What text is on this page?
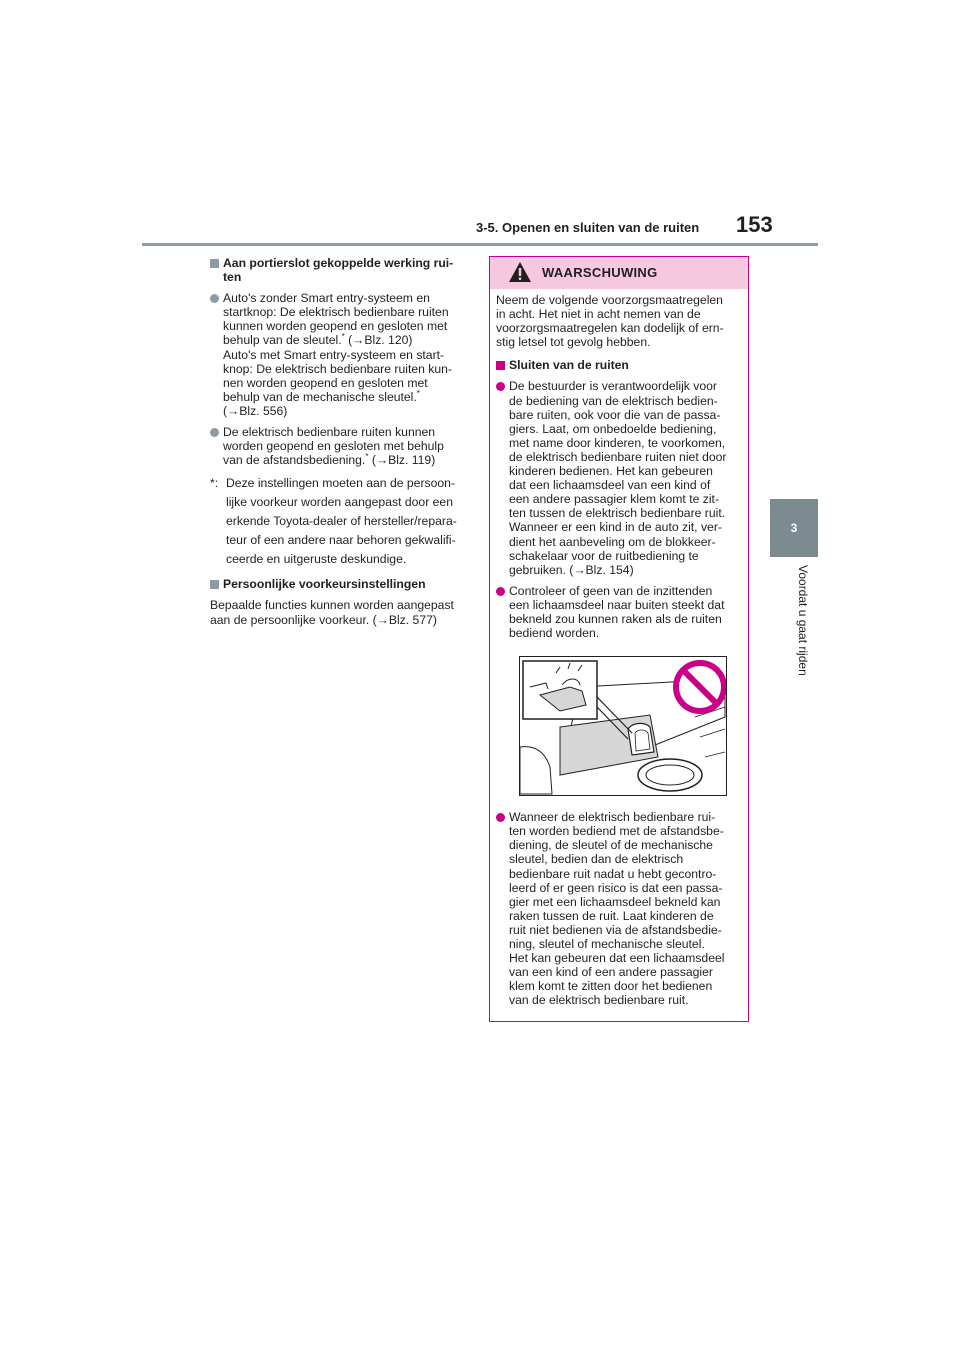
3-5. Openen en sluiten van de ruiten 153
3
Voordat u gaat rijden
Aan portierslot gekoppelde werking rui-ten
Auto's zonder Smart entry-systeem en
startknop: De elektrisch bedienbare ruiten
kunnen worden geopend en gesloten met
behulp van de sleutel.* (→Blz. 120)
Auto's met Smart entry-systeem en start-
knop: De elektrisch bedienbare ruiten kun-
nen worden geopend en gesloten met
behulp van de mechanische sleutel.*
(→Blz. 556)
De elektrisch bedienbare ruiten kunnen
worden geopend en gesloten met behulp
van de afstandsbediening.* (→Blz. 119)
*: Deze instellingen moeten aan de persoon-
lijke voorkeur worden aangepast door een
erkende Toyota-dealer of hersteller/repara-
teur of een andere naar behoren gekwalifi-
ceerde en uitgeruste deskundige.
Persoonlijke voorkeursinstellingen
Bepaalde functies kunnen worden aangepast
aan de persoonlijke voorkeur. (→Blz. 577)
WAARSCHUWING
Neem de volgende voorzorgsmaatregelen
in acht. Het niet in acht nemen van de
voorzorgsmaatregelen kan dodelijk of ern-
stig letsel tot gevolg hebben.
Sluiten van de ruiten
De bestuurder is verantwoordelijk voor
de bediening van de elektrisch bedien-
bare ruiten, ook voor die van de passa-
giers. Laat, om onbedoelde bediening,
met name door kinderen, te voorkomen,
de elektrisch bedienbare ruiten niet door
kinderen bedienen. Het kan gebeuren
dat een lichaamsdeel van een kind of
een andere passagier klem komt te zit-
ten tussen de elektrisch bedienbare ruit.
Wanneer er een kind in de auto zit, ver-
dient het aanbeveling om de blokkeer-
schakelaar voor de ruitbediening te
gebruiken. (→Blz. 154)
Controleer of geen van de inzittenden
een lichaamsdeel naar buiten steekt dat
bekneld zou kunnen raken als de ruiten
bediend worden.
Wanneer de elektrisch bedienbare rui-
ten worden bediend met de afstandsbe-
diening, de sleutel of de mechanische
sleutel, bedien dan de elektrisch
bedienbare ruit nadat u hebt gecontro-
leerd of er geen risico is dat een passa-
gier met een lichaamsdeel bekneld kan
raken tussen de ruit. Laat kinderen de
ruit niet bedienen via de afstandsbedie-
ning, sleutel of mechanische sleutel.
Het kan gebeuren dat een lichaamsdeel
van een kind of een andere passagier
klem komt te zitten door het bedienen
van de elektrisch bedienbare ruit.
